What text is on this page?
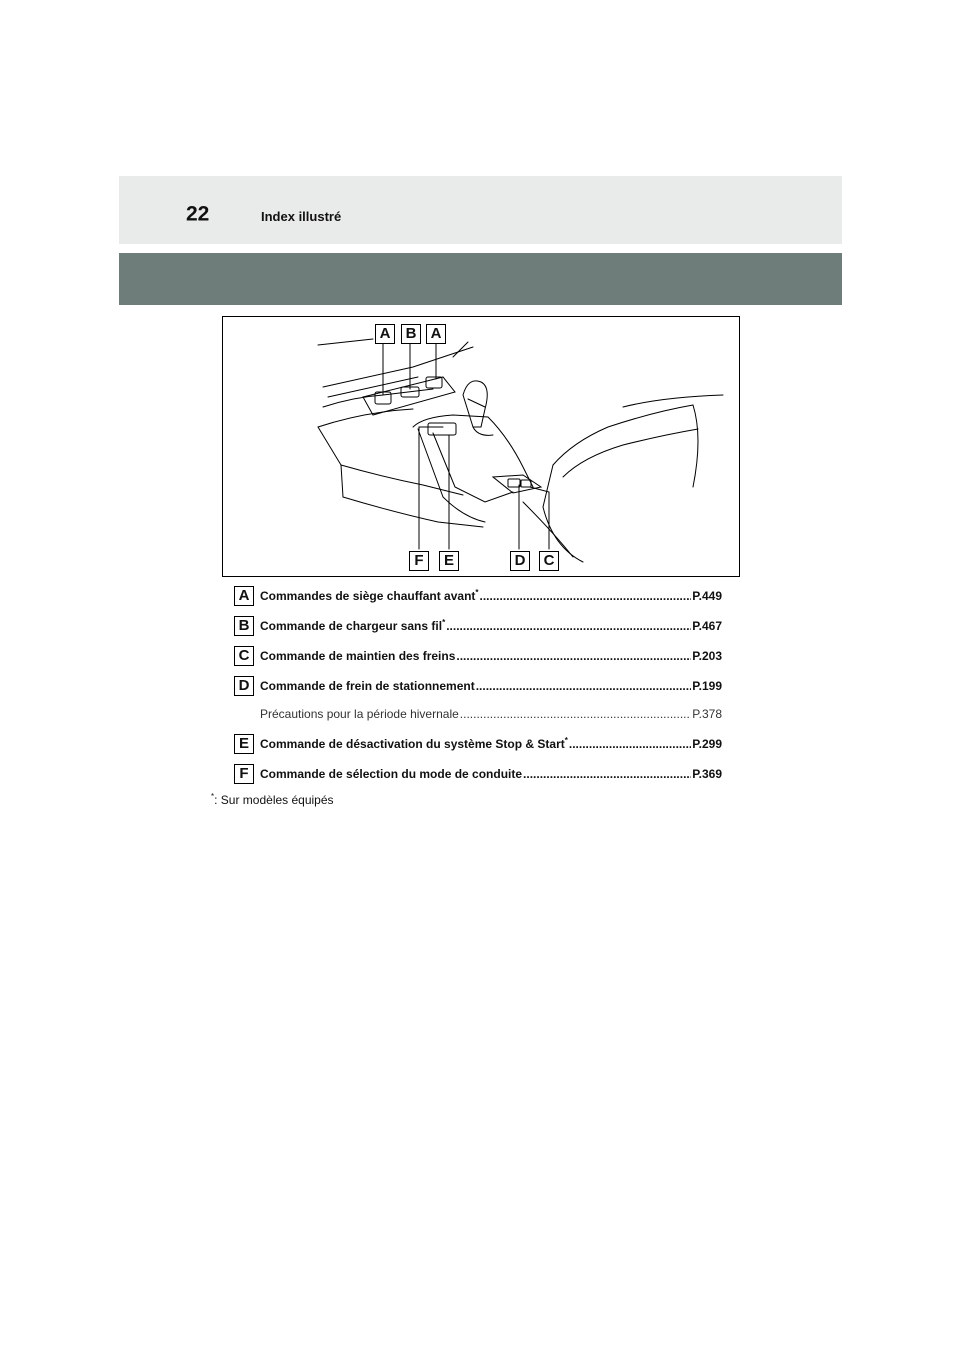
22	Index illustré
A	B A
F	E	D	C
A Commandes de siège chauffant avant* .....	P.449
B Commande de chargeur sans fil* .....	P.467
C Commande de maintien des freins .....	P.203
D Commande de frein de stationnement .....	P.199
Précautions pour la période hivernale .....	P.378
E Commande de désactivation du système Stop & Start* .....	P.299
F Commande de sélection du mode de conduite .....	P.369
*: Sur modèles équipés
